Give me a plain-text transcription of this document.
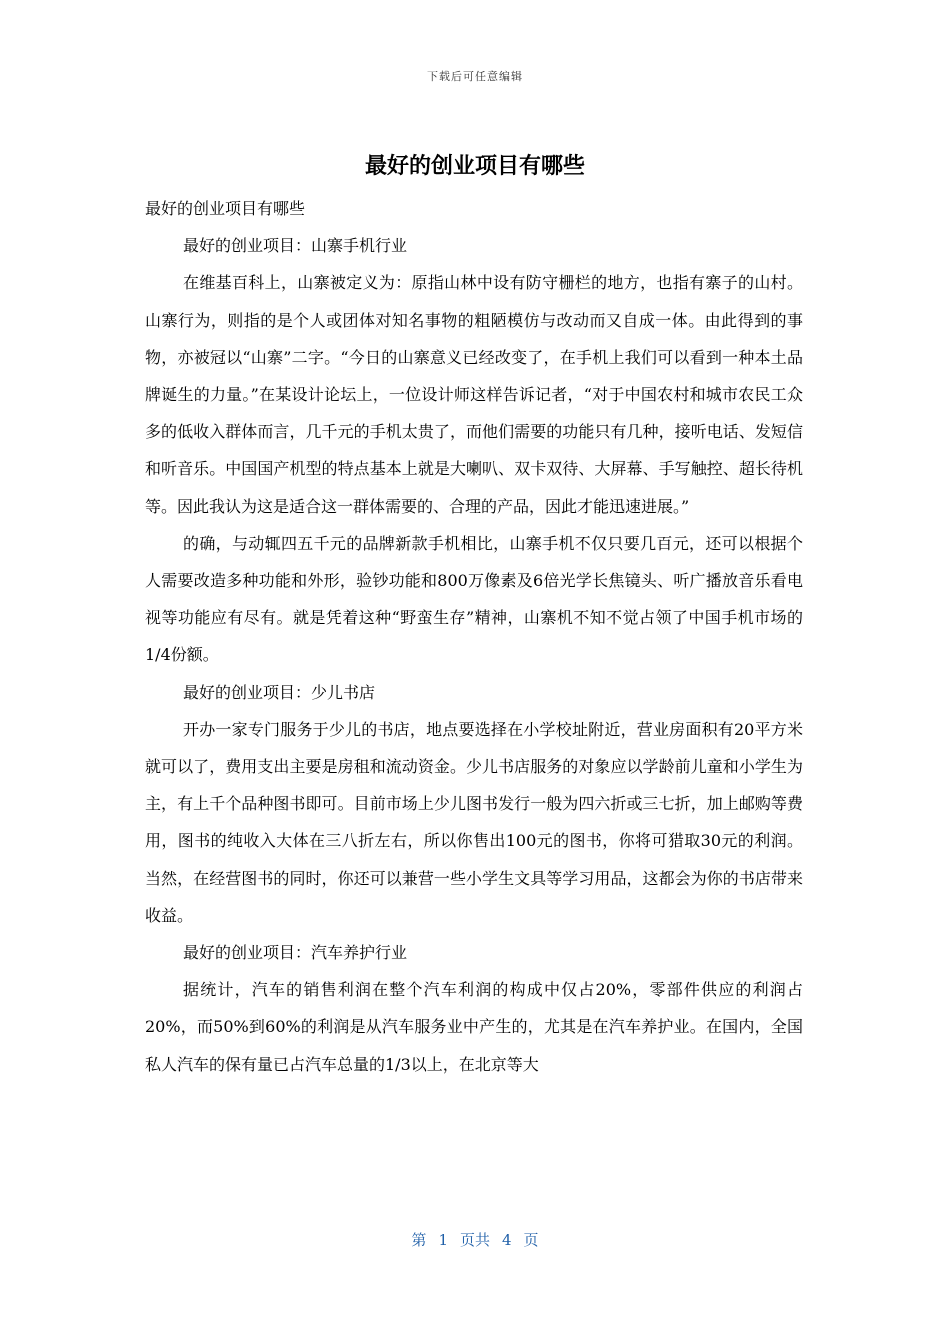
下载后可任意编辑
最好的创业项目有哪些

最好的创业项目有哪些

最好的创业项目：山寨手机行业

在维基百科上，山寨被定义为：原指山林中设有防守栅栏的地方，也指有寨子的山村。山寨行为，则指的是个人或团体对知名事物的粗陋模仿与改动而又自成一体。由此得到的事物，亦被冠以“山寨”二字。“今日的山寨意义已经改变了，在手机上我们可以看到一种本土品牌诞生的力量。”在某设计论坛上，一位设计师这样告诉记者，“对于中国农村和城市农民工众多的低收入群体而言，几千元的手机太贵了，而他们需要的功能只有几种，接听电话、发短信和听音乐。中国国产机型的特点基本上就是大喇叭、双卡双待、大屏幕、手写触控、超长待机等。因此我认为这是适合这一群体需要的、合理的产品，因此才能迅速进展。”

的确，与动辄四五千元的品牌新款手机相比，山寨手机不仅只要几百元，还可以根据个人需要改造多种功能和外形，验钞功能和800万像素及6倍光学长焦镜头、听广播放音乐看电视等功能应有尽有。就是凭着这种“野蛮生存”精神，山寨机不知不觉占领了中国手机市场的1/4份额。

最好的创业项目：少儿书店

开办一家专门服务于少儿的书店，地点要选择在小学校址附近，营业房面积有20平方米就可以了，费用支出主要是房租和流动资金。少儿书店服务的对象应以学龄前儿童和小学生为主，有上千个品种图书即可。目前市场上少儿图书发行一般为四六折或三七折，加上邮购等费用，图书的纯收入大体在三八折左右，所以你售出100元的图书，你将可猎取30元的利润。当然，在经营图书的同时，你还可以兼营一些小学生文具等学习用品，这都会为你的书店带来收益。

最好的创业项目：汽车养护行业

据统计，汽车的销售利润在整个汽车利润的构成中仅占20%，零部件供应的利润占20%，而50%到60%的利润是从汽车服务业中产生的，尤其是在汽车养护业。在国内，全国私人汽车的保有量已占汽车总量的1/3以上，在北京等大

第 1 页共 4 页
